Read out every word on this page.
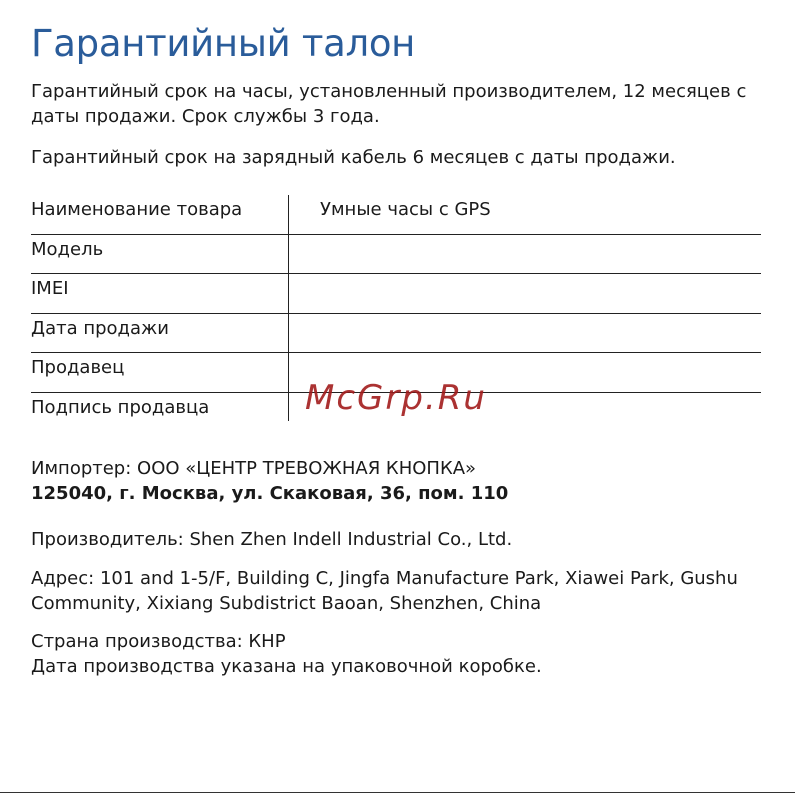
Гарантийный талон

Гарантийный срок на часы, установленный производителем, 12 месяцев с даты продажи. Срок службы 3 года.

Гарантийный срок на зарядный кабель 6 месяцев с даты продажи.

Наименование товара	Умные часы с GPS
Модель
IMEI
Дата продажи
Продавец
Подпись продавца	McGrp.Ru
Импортер: ООО «ЦЕНТР ТРЕВОЖНАЯ КНОПКА»
125040, г. Москва, ул. Скаковая, 36, пом. 110
Производитель: Shen Zhen Indell Industrial Co., Ltd.
Адрес: 101 and 1-5/F, Building C, Jingfa Manufacture Park, Xiawei Park, Gushu Community, Xixiang Subdistrict Baoan, Shenzhen, China
Страна производства: КНР
Дата производства указана на упаковочной коробке.
